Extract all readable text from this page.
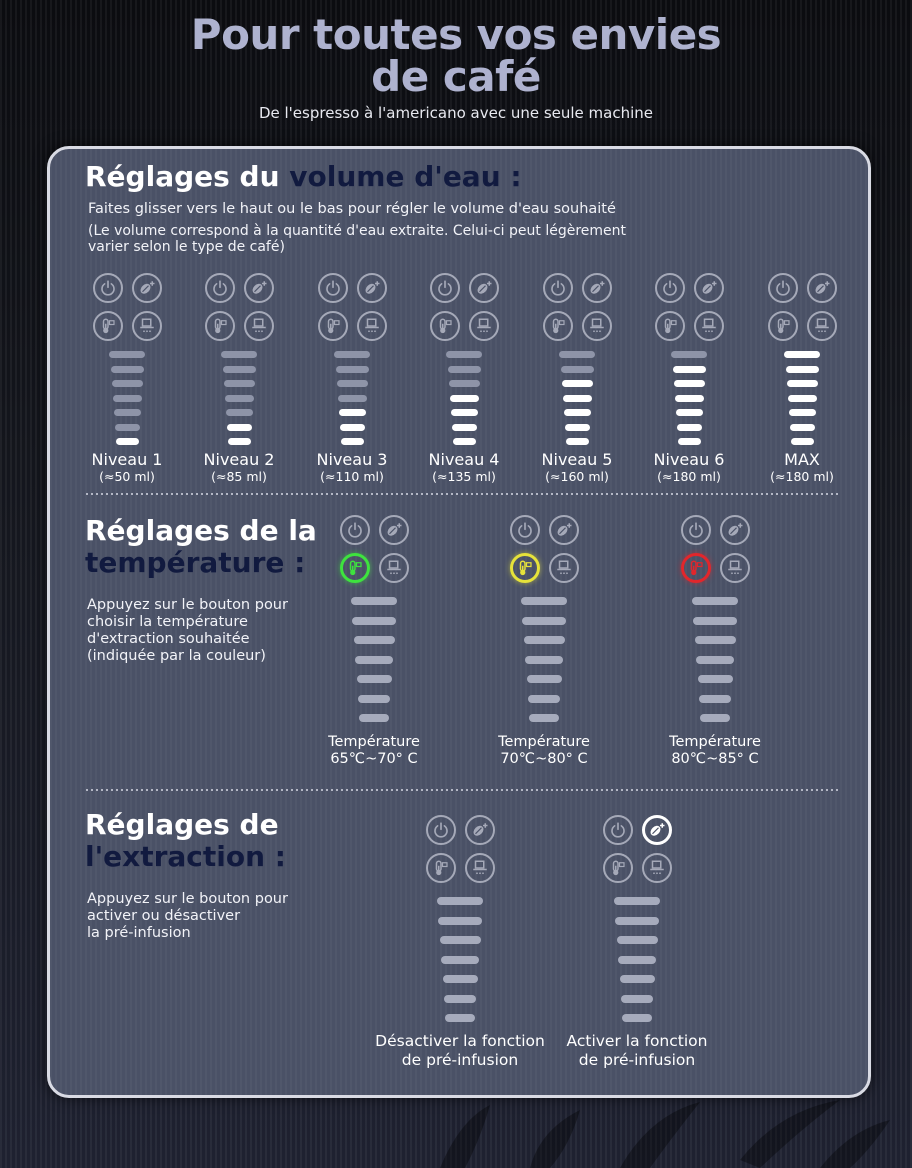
Pour toutes vos envies
de café
De l'espresso à l'americano avec une seule machine
Réglages du volume d'eau :

Faites glisser vers le haut ou le bas pour régler le volume d'eau souhaité

(Le volume correspond à la quantité d'eau extraite. Celui-ci peut légèrement

varier selon le type de café)

Niveau 1
(≈50 ml)
Niveau 2
(≈85 ml)
Niveau 3
(≈110 ml)
Niveau 4
(≈135 ml)
Niveau 5
(≈160 ml)
Niveau 6
(≈180 ml)
MAX
(≈180 ml)
Réglages de la
température :
Appuyez sur le bouton pour
choisir la température
d'extraction souhaitée
(indiquée par la couleur)
Température
65℃~70° C
Température
70℃~80° C
Température
80℃~85° C
Réglages de
l'extraction :
Appuyez sur le bouton pour
activer ou désactiver
la pré-infusion
Désactiver la fonction
de pré-infusion
Activer la fonction
de pré-infusion
